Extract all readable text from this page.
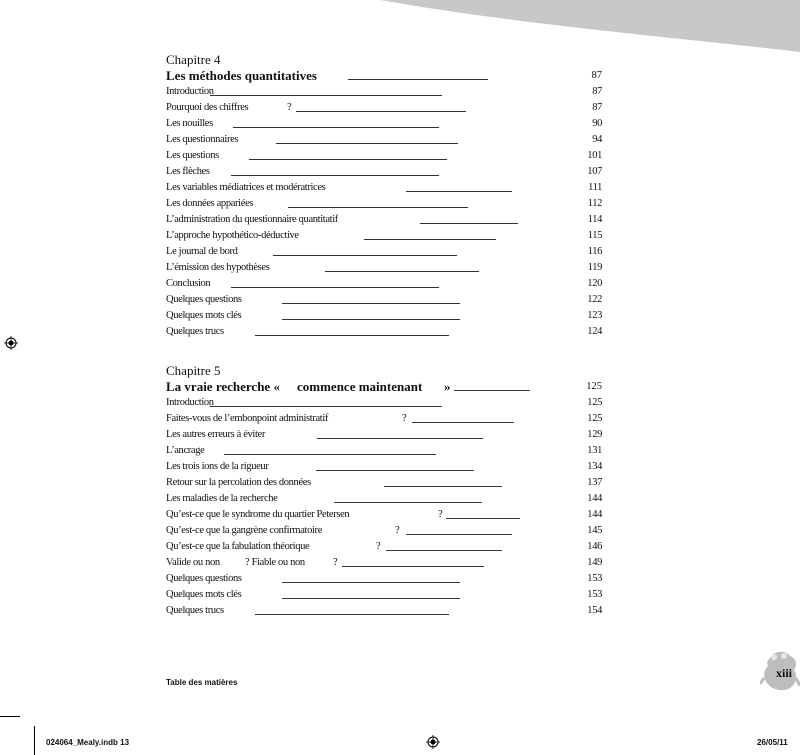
Chapitre 4
Les méthodes quantitatives	87
Introduction	87
Pourquoi des chiffres	?	87
Les nouilles	90
Les questionnaires	94
Les questions	101
Les flèches	107
Les variables médiatrices et modératrices	111
Les données appariées	112
L’administration du questionnaire quantitatif	114
L’approche hypothético-déductive	115
Le journal de bord	116
L’émission des hypothèses	119
Conclusion	120
Quelques questions	122
Quelques mots clés	123
Quelques trucs	124
Chapitre 5
La vraie recherche « commence maintenant »	125
Introduction	125
Faites-vous de l’embonpoint administratif	?	125
Les autres erreurs à éviter	129
L’ancrage	131
Les trois ions de la rigueur	134
Retour sur la percolation des données	137
Les maladies de la recherche	144
Qu’est-ce que le syndrome du quartier Petersen	?	144
Qu’est-ce que la gangrène confirmatoire	?	145
Qu’est-ce que la fabulation théorique	?	146
Valide ou non ? Fiable ou non	?	149
Quelques questions	153
Quelques mots clés	153
Quelques trucs	154
Table des matières
xiii
024064_Mealy.indb 13	26/05/11
